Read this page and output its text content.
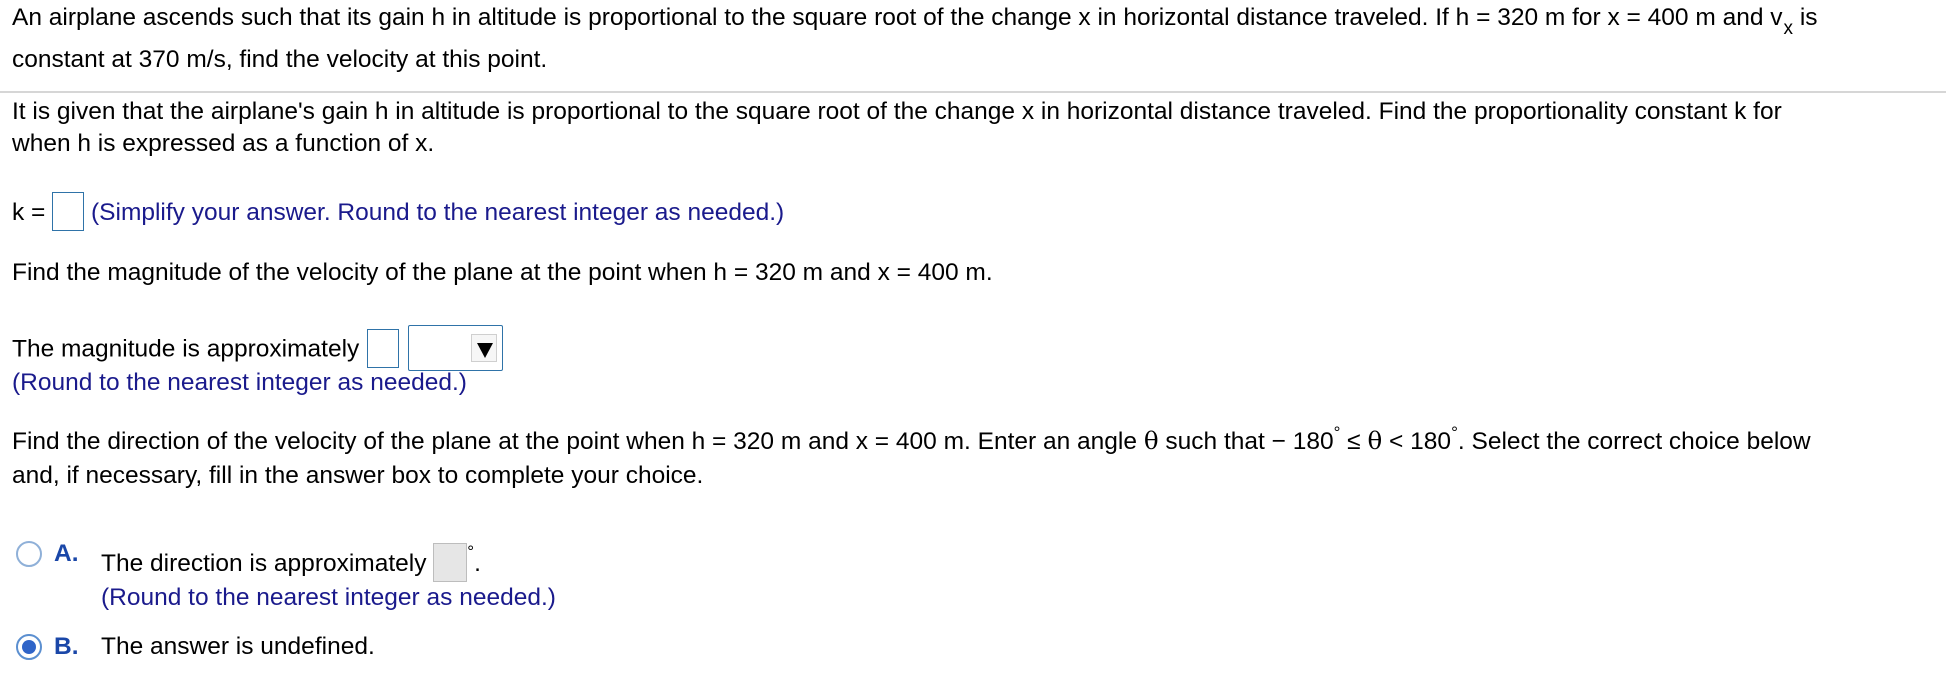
An airplane ascends such that its gain h in altitude is proportional to the square root of the change x in horizontal distance traveled. If h = 320 m for x = 400 m and $v_x$ is
constant at 370 m/s, find the velocity at this point.
It is given that the airplane's gain h in altitude is proportional to the square root of the change x in horizontal distance traveled. Find the proportionality constant k for
when h is expressed as a function of x.
k = (Simplify your answer. Round to the nearest integer as needed.)
Find the magnitude of the velocity of the plane at the point when h = 320 m and x = 400 m.
The magnitude is approximately
(Round to the nearest integer as needed.)
Find the direction of the velocity of the plane at the point when h = 320 m and x = 400 m. Enter an angle θ such that − 180° ≤ θ < 180°. Select the correct choice below
and, if necessary, fill in the answer box to complete your choice.
A. The direction is approximately °.
(Round to the nearest integer as needed.)
B. The answer is undefined.
